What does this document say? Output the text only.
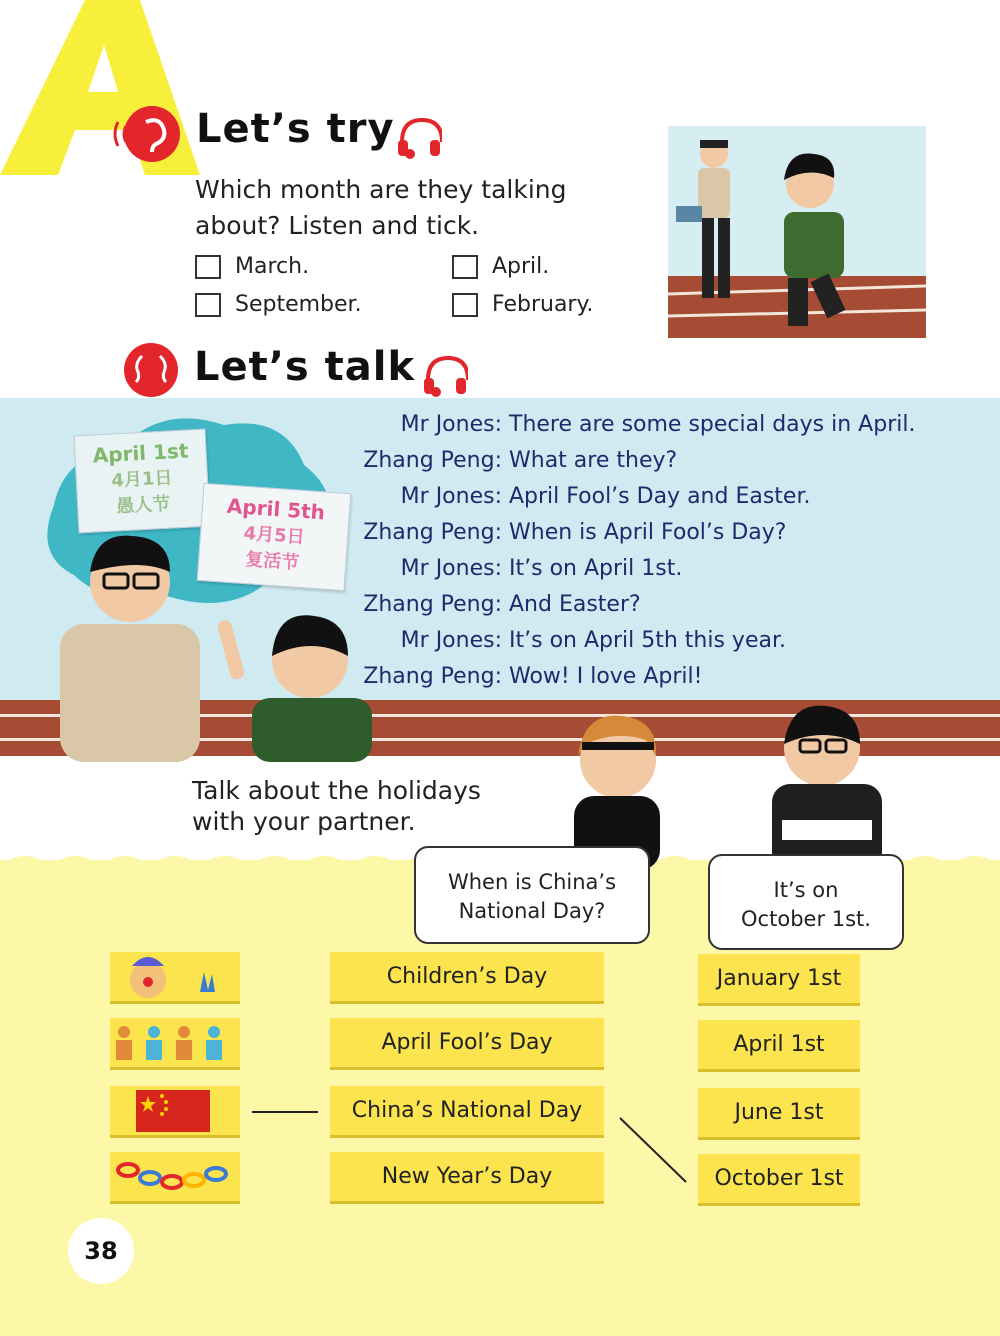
Let’s try
Which month are they talking
about? Listen and tick.
March.	April.
September.	February.
Let’s talk
April 1st
4月1日
愚人节	April 5th
4月5日
复活节
Mr Jones: There are some special days in April.
Zhang Peng: What are they?
Mr Jones: April Fool’s Day and Easter.
Zhang Peng: When is April Fool’s Day?
Mr Jones: It’s on April 1st.
Zhang Peng: And Easter?
Mr Jones: It’s on April 5th this year.
Zhang Peng: Wow! I love April!
Talk about the holidays
with your partner.
When is China’s
National Day?
It’s on
October 1st.
Children’s Day
April Fool’s Day
China’s National Day
New Year’s Day
January 1st
April 1st
June 1st
October 1st
38
